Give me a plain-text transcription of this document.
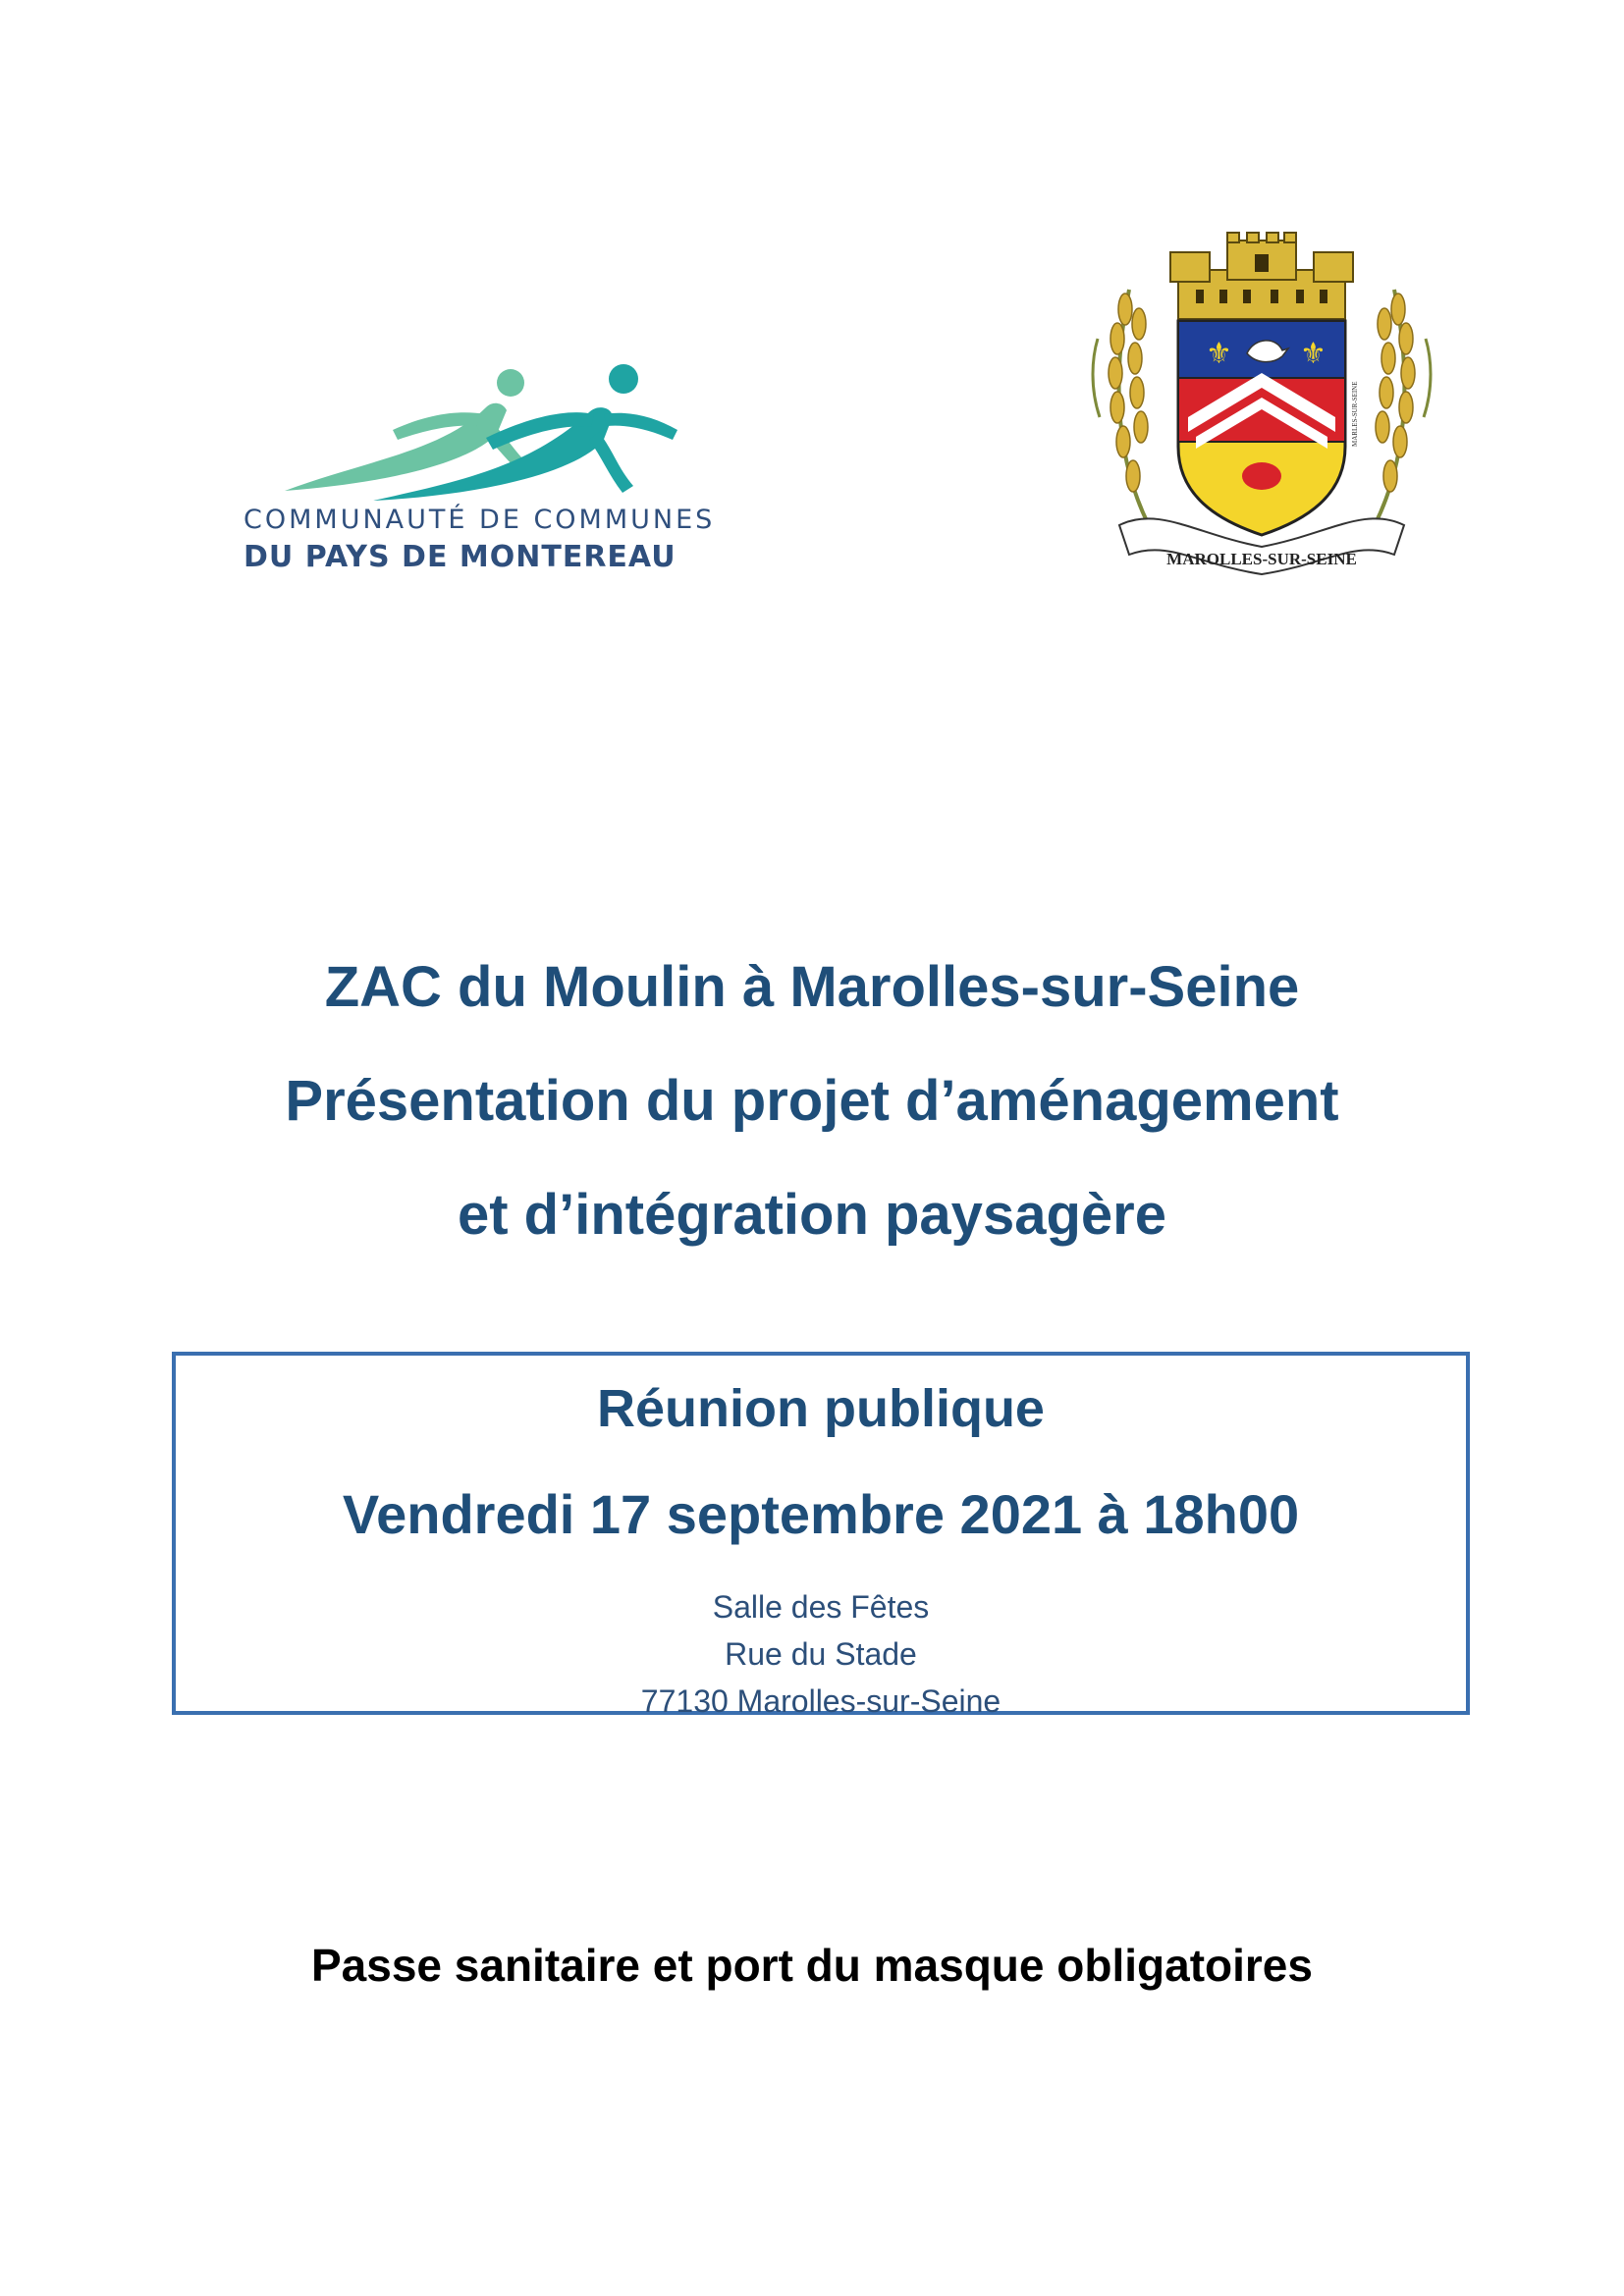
COMMUNAUTÉ DE COMMUNES
DU PAYS DE MONTEREAU
⚜ ⚜
MAROLLES-SUR-SEINE
MARLES-SUR-SEINE
ZAC du Moulin à Marolles-sur-Seine
Présentation du projet d’aménagement
et d’intégration paysagère
Réunion publique
Vendredi 17 septembre 2021 à 18h00
Salle des Fêtes
Rue du Stade
77130 Marolles-sur-Seine
Passe sanitaire et port du masque obligatoires
